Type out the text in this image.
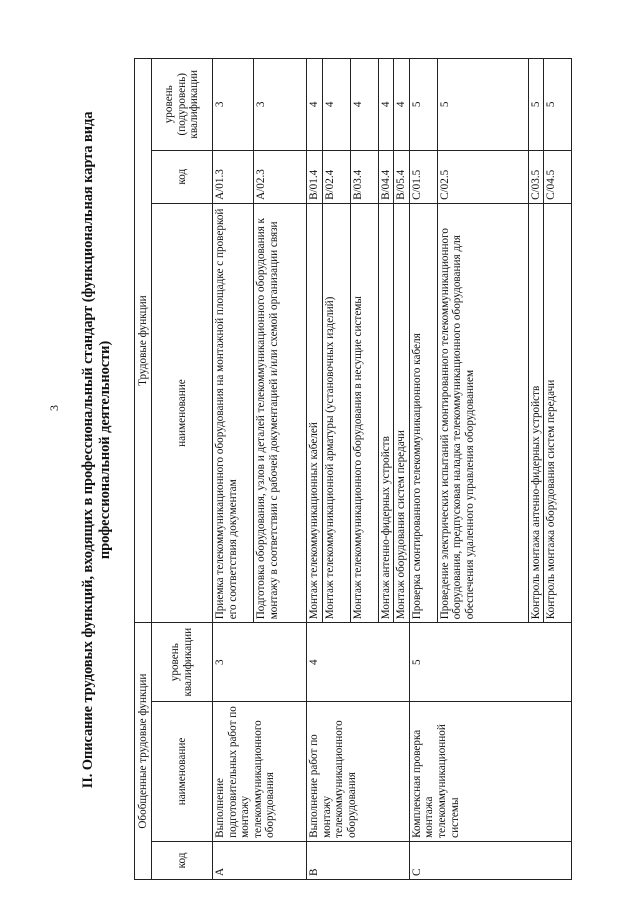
3 II. Описание трудовых функций, входящих в профессиональный стандарт (функциональная карта вида профессиональной деятельности)
Обобщенные трудовые функции			Трудовые функции		
код	наименование	уровень квалификации	наименование	код	уровень (подуровень) квалификации
A	Выполнение подготовительных работ по монтажу телекоммуникационного оборудования	3	Приемка телекоммуникационного оборудования на монтажной площадке с проверкой его соответствия документам	A/01.3	3
			Подготовка оборудования, узлов и деталей телекоммуникационного оборудования к монтажу в соответствии с рабочей документацией и/или схемой организации связи	A/02.3	3
B	Выполнение работ по монтажу телекоммуникационного оборудования	4	Монтаж телекоммуникационных кабелей	B/01.4	4
			Монтаж телекоммуникационной арматуры (установочных изделий)	B/02.4	4
			Монтаж телекоммуникационного оборудования в несущие системы	B/03.4	4
			Монтаж антенно-фидерных устройств	B/04.4	4
			Монтаж оборудования систем передачи	B/05.4	4
C	Комплексная проверка монтажа телекоммуникационной системы	5	Проверка смонтированного телекоммуникационного кабеля	C/01.5	5
			Проведение электрических испытаний смонтированного телекоммуникационного оборудования, предпусковая наладка телекоммуникационного оборудования для обеспечения удаленного управления оборудованием	C/02.5	5
			Контроль монтажа антенно-фидерных устройств	C/03.5	5
			Контроль монтажа оборудования систем передачи	C/04.5	5
